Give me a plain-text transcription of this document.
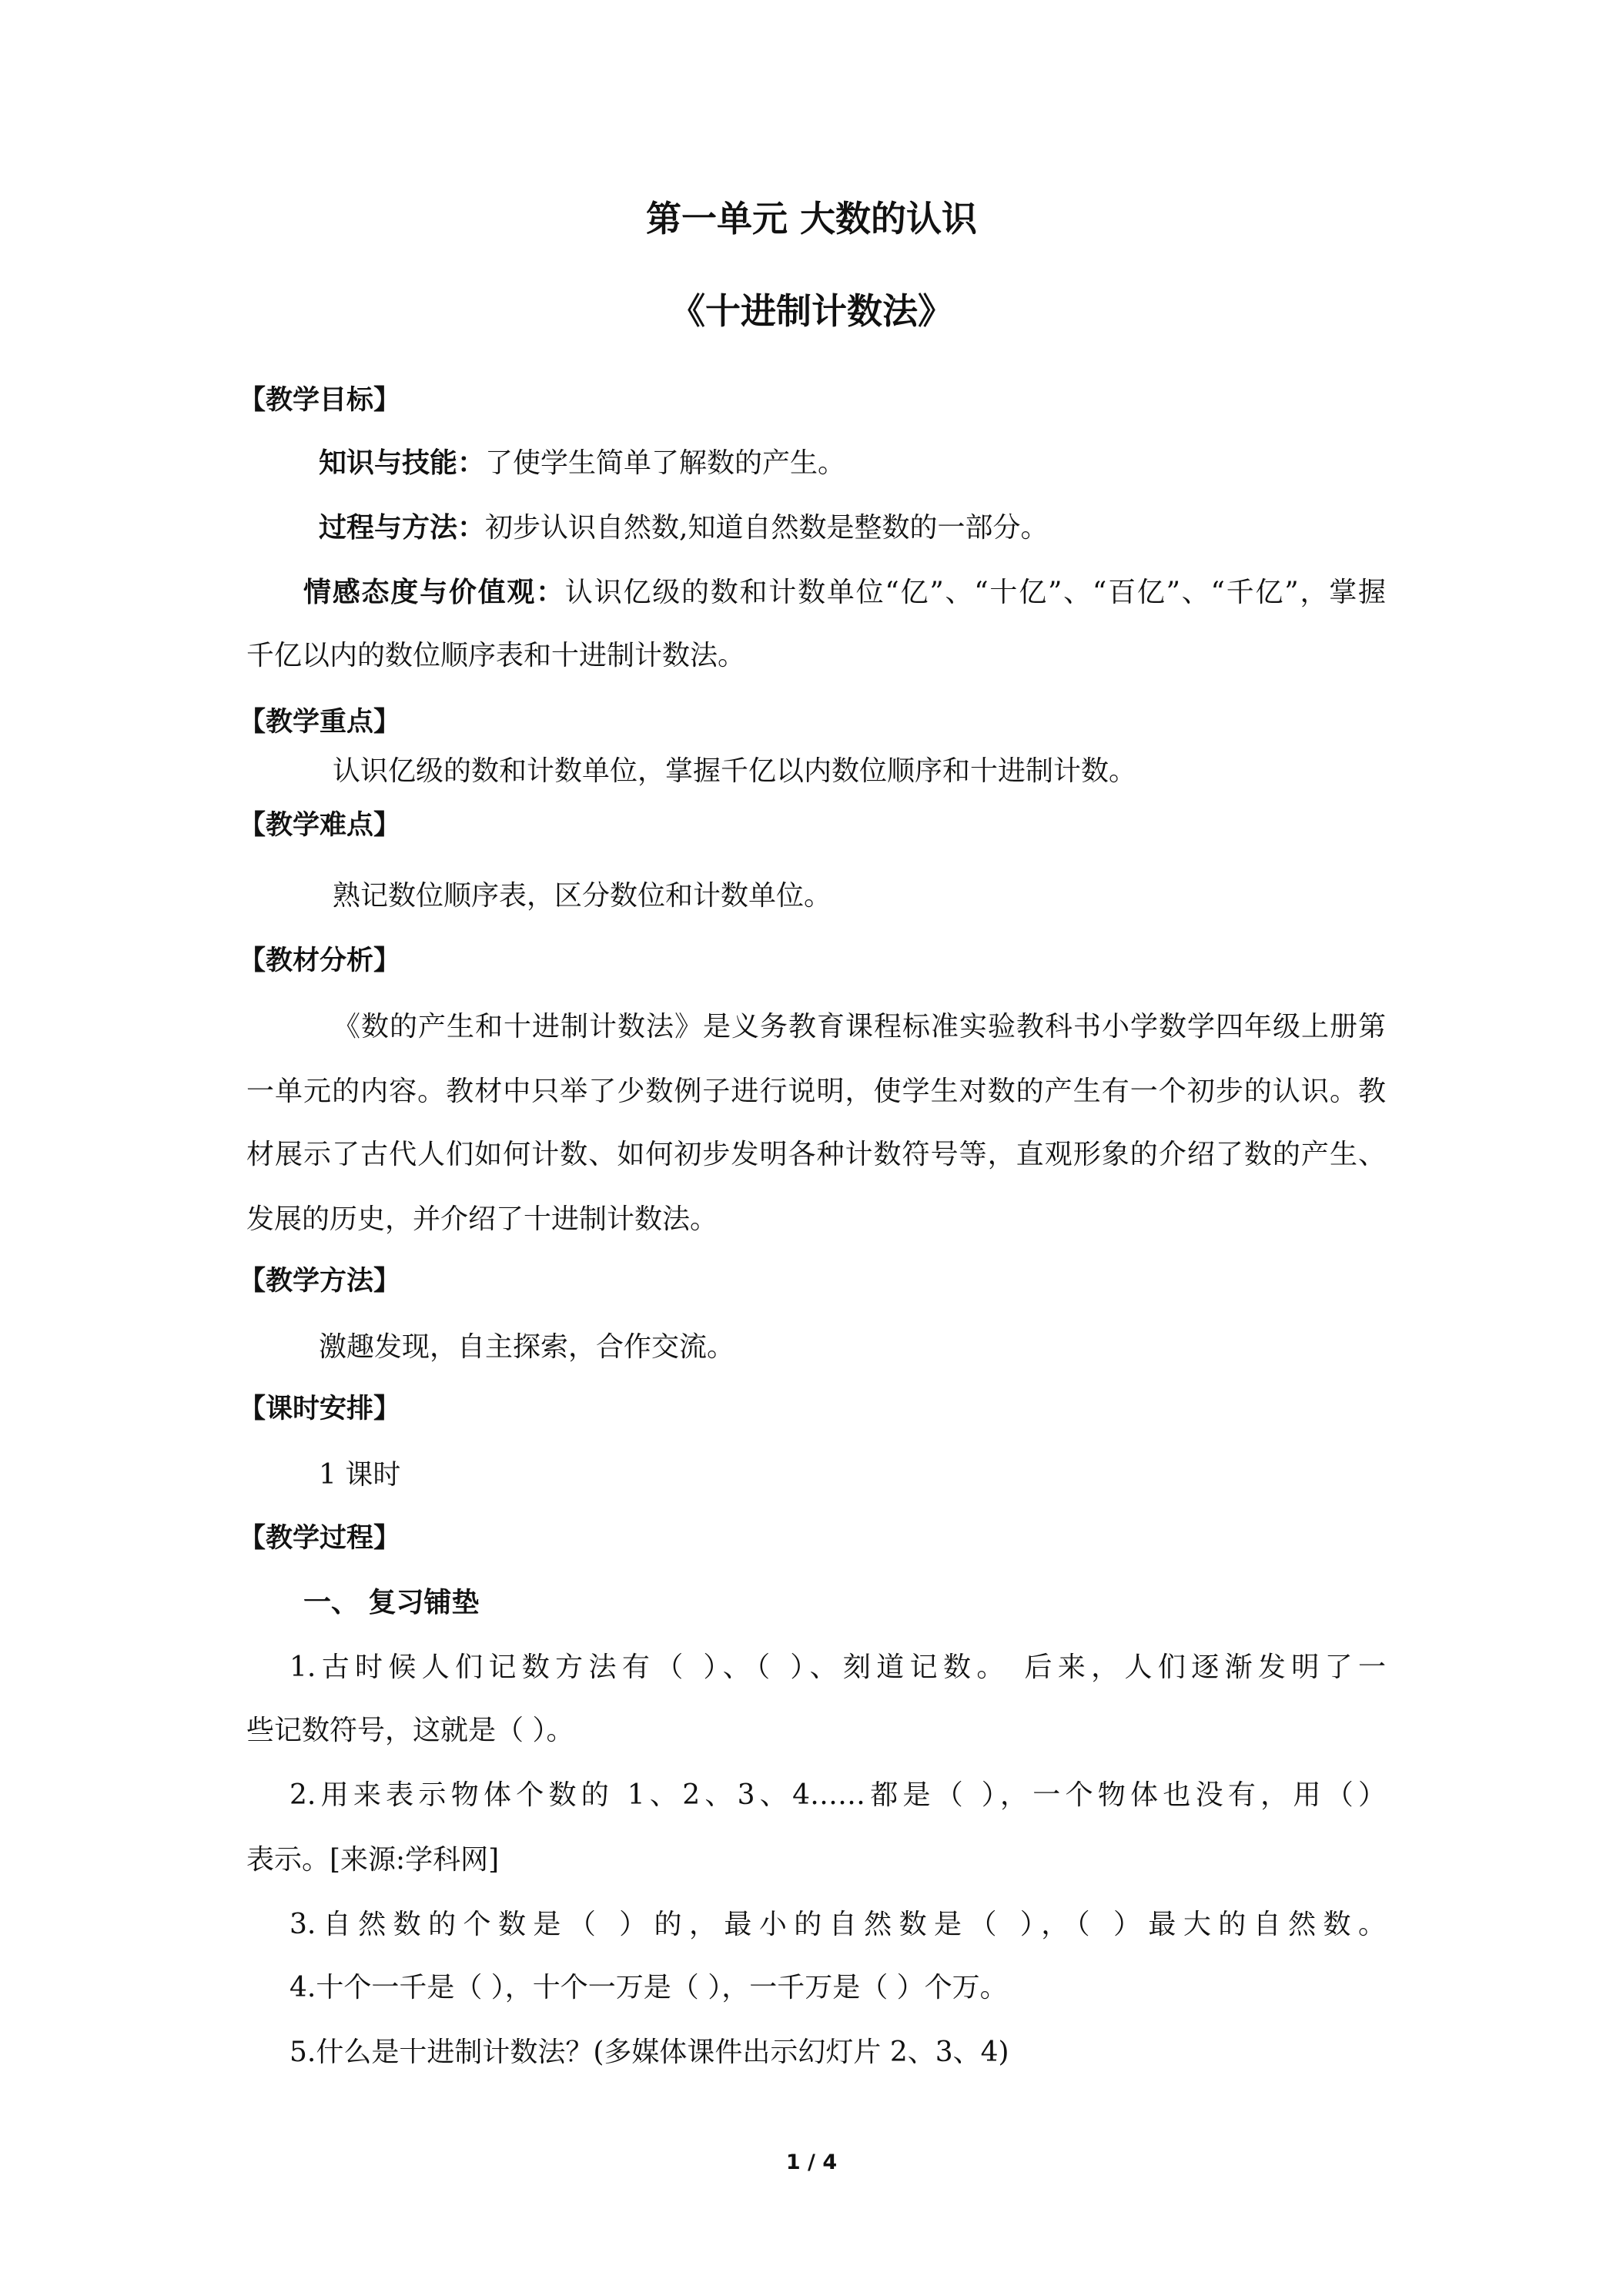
第一单元 大数的认识
《十进制计数法》
【教学目标】
知识与技能：了使学生简单了解数的产生。
过程与方法：初步认识自然数,知道自然数是整数的一部分。
情感态度与价值观：认识亿级的数和计数单位“亿”、“十亿”、“百亿”、“千亿”，掌握
千亿以内的数位顺序表和十进制计数法。
【教学重点】
认识亿级的数和计数单位，掌握千亿以内数位顺序和十进制计数。
【教学难点】
熟记数位顺序表，区分数位和计数单位。
【教材分析】
《数的产生和十进制计数法》是义务教育课程标准实验教科书小学数学四年级上册第
一单元的内容。教材中只举了少数例子进行说明，使学生对数的产生有一个初步的认识。教
材展示了古代人们如何计数、如何初步发明各种计数符号等，直观形象的介绍了数的产生、
发展的历史，并介绍了十进制计数法。
【教学方法】
激趣发现，自主探索，合作交流。
【课时安排】
1 课时
【教学过程】
一、 复习铺垫
1.古时候人们记数方法有（ ）、（ ）、刻道记数。 后来，人们逐渐发明了一
些记数符号，这就是（ ）。
2.用来表示物体个数的 1、2、3、4……都是（ ），一个物体也没有，用（）
表示。[来源:学科网]
3.自然数的个数是（ ）的，最小的自然数是（ ），（ ）最大的自然数。
4.十个一千是（ ），十个一万是（ ），一千万是（ ）个万。
5.什么是十进制计数法？(多媒体课件出示幻灯片 2、3、4)
1 / 4
